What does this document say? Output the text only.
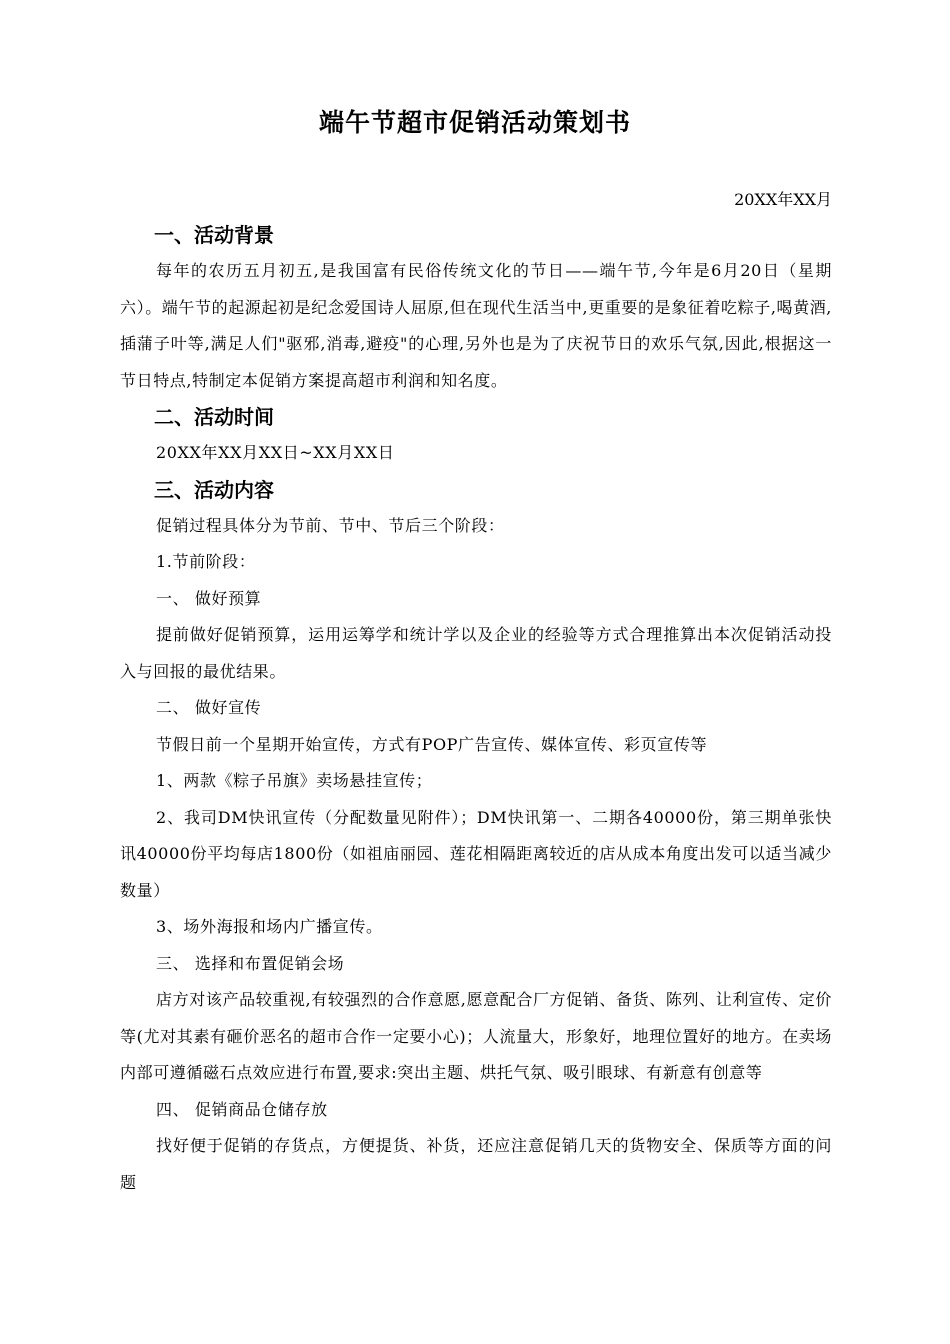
端午节超市促销活动策划书
20XX年XX月
一、活动背景

每年的农历五月初五,是我国富有民俗传统文化的节日——端午节,今年是6月20日（星期六）。端午节的起源起初是纪念爱国诗人屈原,但在现代生活当中,更重要的是象征着吃粽子,喝黄酒,插蒲子叶等,满足人们"驱邪,消毒,避疫"的心理,另外也是为了庆祝节日的欢乐气氛,因此,根据这一节日特点,特制定本促销方案提高超市利润和知名度。

二、活动时间

20XX年XX月XX日~XX月XX日

三、活动内容

促销过程具体分为节前、节中、节后三个阶段：

1.节前阶段：

一、 做好预算

提前做好促销预算，运用运筹学和统计学以及企业的经验等方式合理推算出本次促销活动投入与回报的最优结果。

二、 做好宣传

节假日前一个星期开始宣传，方式有POP广告宣传、媒体宣传、彩页宣传等

1、两款《粽子吊旗》卖场悬挂宣传；

2、我司DM快讯宣传（分配数量见附件）；DM快讯第一、二期各40000份，第三期单张快讯40000份平均每店1800份（如祖庙丽园、莲花相隔距离较近的店从成本角度出发可以适当减少数量）

3、场外海报和场内广播宣传。

三、 选择和布置促销会场

店方对该产品较重视,有较强烈的合作意愿,愿意配合厂方促销、备货、陈列、让利宣传、定价等(尤对其素有砸价恶名的超市合作一定要小心)；人流量大，形象好，地理位置好的地方。在卖场内部可遵循磁石点效应进行布置,要求:突出主题、烘托气氛、吸引眼球、有新意有创意等

四、 促销商品仓储存放

找好便于促销的存货点，方便提货、补货，还应注意促销几天的货物安全、保质等方面的问题
